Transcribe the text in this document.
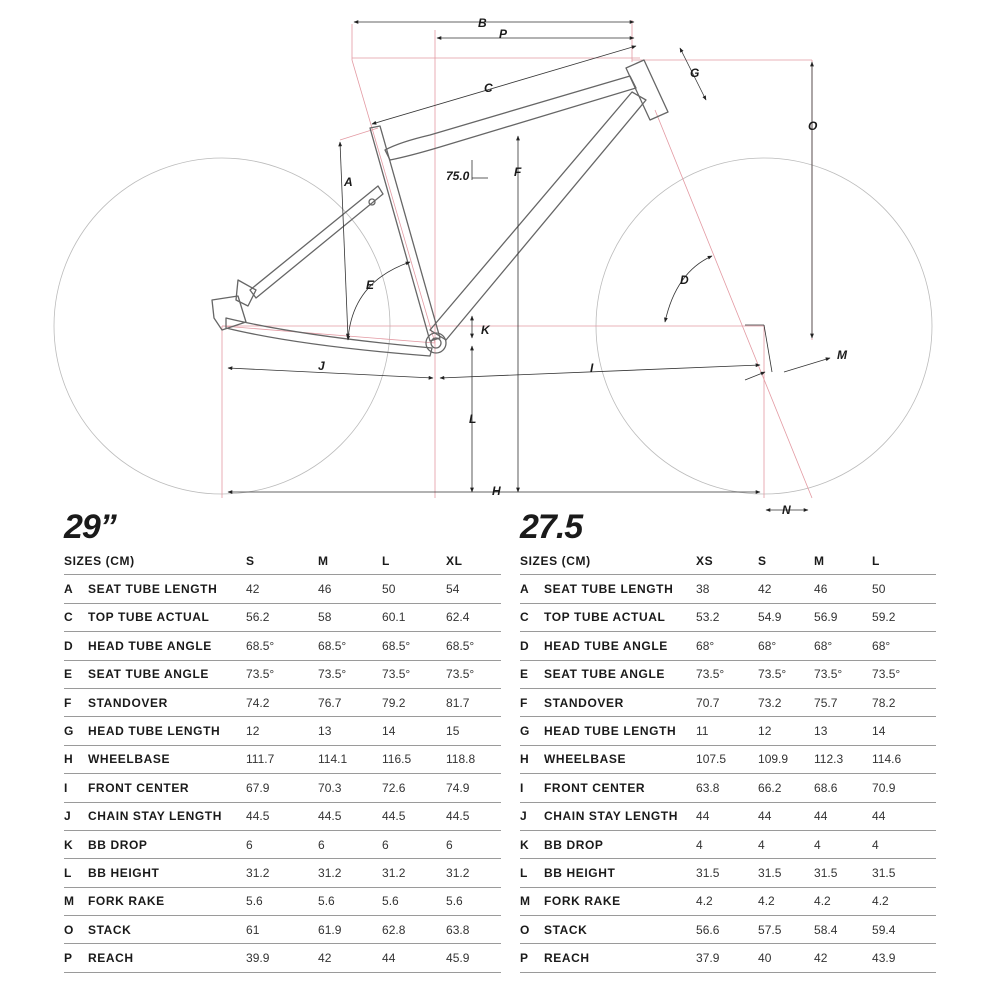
A
B
C
D
E
F
G
H
I
J
K
L
M
N
O
P
75.0
29”
SIZES (CM)		S	M	L	XL
A	SEAT TUBE LENGTH	42	46	50	54
C	TOP TUBE ACTUAL	56.2	58	60.1	62.4
D	HEAD TUBE ANGLE	68.5°	68.5°	68.5°	68.5°
E	SEAT TUBE ANGLE	73.5°	73.5°	73.5°	73.5°
F	STANDOVER	74.2	76.7	79.2	81.7
G	HEAD TUBE LENGTH	12	13	14	15
H	WHEELBASE	111.7	114.1	116.5	118.8
I	FRONT CENTER	67.9	70.3	72.6	74.9
J	CHAIN STAY LENGTH	44.5	44.5	44.5	44.5
K	BB DROP	6	6	6	6
L	BB HEIGHT	31.2	31.2	31.2	31.2
M	FORK RAKE	5.6	5.6	5.6	5.6
O	STACK	61	61.9	62.8	63.8
P	REACH	39.9	42	44	45.9
27.5
SIZES (CM)		XS	S	M	L
A	SEAT TUBE LENGTH	38	42	46	50
C	TOP TUBE ACTUAL	53.2	54.9	56.9	59.2
D	HEAD TUBE ANGLE	68°	68°	68°	68°
E	SEAT TUBE ANGLE	73.5°	73.5°	73.5°	73.5°
F	STANDOVER	70.7	73.2	75.7	78.2
G	HEAD TUBE LENGTH	11	12	13	14
H	WHEELBASE	107.5	109.9	112.3	114.6
I	FRONT CENTER	63.8	66.2	68.6	70.9
J	CHAIN STAY LENGTH	44	44	44	44
K	BB DROP	4	4	4	4
L	BB HEIGHT	31.5	31.5	31.5	31.5
M	FORK RAKE	4.2	4.2	4.2	4.2
O	STACK	56.6	57.5	58.4	59.4
P	REACH	37.9	40	42	43.9
